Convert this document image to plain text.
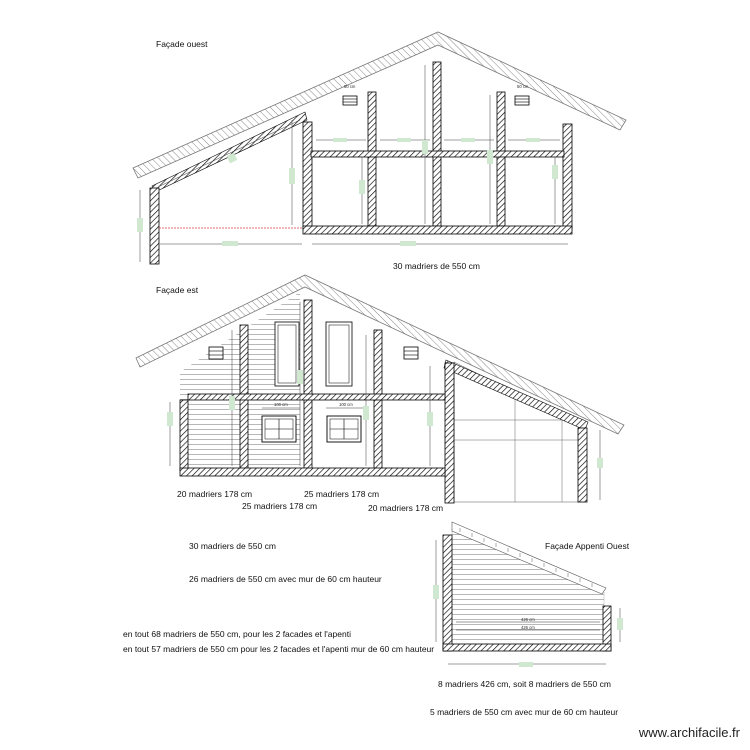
50 cm	50 cm
100 cm	100 cm
426 cm
426 cm
Façade ouest
30 madriers de 550 cm
Façade est
20 madriers 178 cm	25 madriers 178 cm
25 madriers 178 cm	20 madriers 178 cm
30 madriers de 550 cm
26 madriers de 550 cm avec mur de 60 cm hauteur
en tout 68 madriers de 550 cm, pour les 2 facades et l'apenti
en tout 57 madriers de 550 cm pour les 2 facades et l'apenti mur de 60 cm hauteur
Façade Appenti Ouest
8 madriers 426 cm, soit 8 madriers de 550 cm
5 madriers de 550 cm avec mur de 60 cm hauteur
www.archifacile.fr
